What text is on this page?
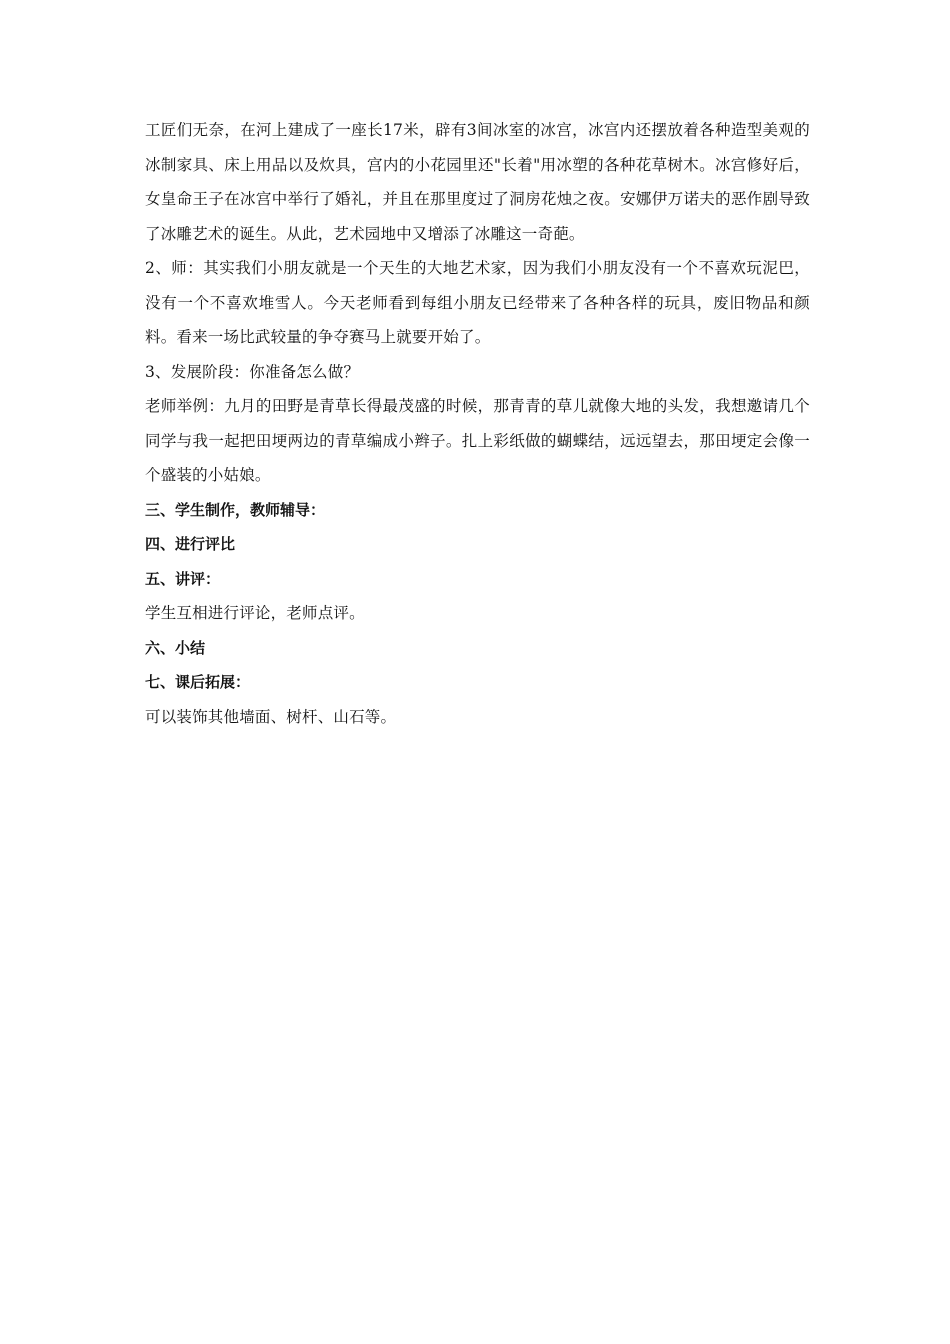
工匠们无奈，在河上建成了一座长17米，辟有3间冰室的冰宫，冰宫内还摆放着各种造型美观的冰制家具、床上用品以及炊具，宫内的小花园里还"长着"用冰塑的各种花草树木。冰宫修好后，女皇命王子在冰宫中举行了婚礼，并且在那里度过了洞房花烛之夜。安娜伊万诺夫的恶作剧导致了冰雕艺术的诞生。从此，艺术园地中又增添了冰雕这一奇葩。

2、师：其实我们小朋友就是一个天生的大地艺术家，因为我们小朋友没有一个不喜欢玩泥巴，没有一个不喜欢堆雪人。今天老师看到每组小朋友已经带来了各种各样的玩具，废旧物品和颜料。看来一场比武较量的争夺赛马上就要开始了。

3、发展阶段：你准备怎么做？

老师举例：九月的田野是青草长得最茂盛的时候，那青青的草儿就像大地的头发，我想邀请几个同学与我一起把田埂两边的青草编成小辫子。扎上彩纸做的蝴蝶结，远远望去，那田埂定会像一个盛装的小姑娘。

三、学生制作，教师辅导：

四、进行评比

五、讲评：

学生互相进行评论，老师点评。

六、小结

七、课后拓展：

可以装饰其他墙面、树杆、山石等。
